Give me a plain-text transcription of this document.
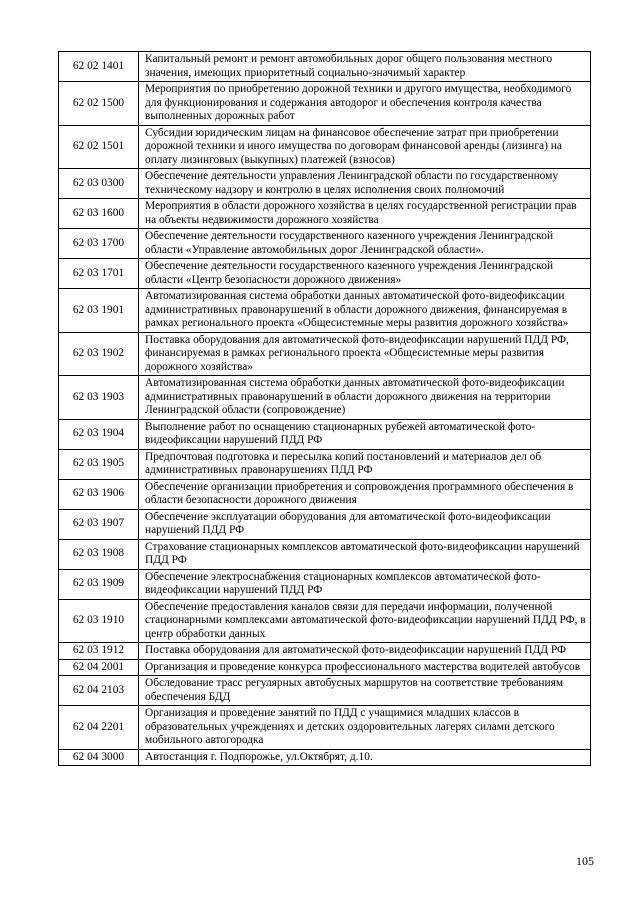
62 02 1401	Капитальный ремонт и ремонт автомобильных дорог общего пользования местного значения, имеющих приоритетный социально-значимый характер
62 02 1500	Мероприятия по приобретению дорожной техники и другого имущества, необходимого для функционирования и содержания автодорог и обеспечения контроля качества выполненных дорожных работ
62 02 1501	Субсидии юридическим лицам на финансовое обеспечение затрат при приобретении дорожной техники и иного имущества по договорам финансовой аренды (лизинга) на оплату лизинговых (выкупных) платежей (взносов)
62 03 0300	Обеспечение деятельности управления Ленинградской области по государственному техническому надзору и контролю в целях исполнения своих полномочий
62 03 1600	Мероприятия в области дорожного хозяйства в целях государственной регистрации прав на объекты недвижимости дорожного хозяйства
62 03 1700	Обеспечение деятельности государственного казенного учреждения Ленинградской области «Управление автомобильных дорог Ленинградской области».
62 03 1701	Обеспечение деятельности государственного казенного учреждения Ленинградской области «Центр безопасности дорожного движения»
62 03 1901	Автоматизированная система обработки данных автоматической фото-видеофиксации административных правонарушений в области дорожного движения, финансируемая в рамках регионального проекта «Общесистемные меры развития дорожного хозяйства»
62 03 1902	Поставка оборудования для автоматической фото-видеофиксации нарушений ПДД РФ, финансируемая в рамках регионального проекта «Общесистемные меры развития дорожного хозяйства»
62 03 1903	Автоматизированная система обработки данных автоматической фото-видеофиксации административных правонарушений в области дорожного движения на территории Ленинградской области (сопровождение)
62 03 1904	Выполнение работ по оснащению стационарных рубежей автоматической фото-видеофиксации нарушений ПДД РФ
62 03 1905	Предпочтовая подготовка и пересылка копий постановлений и материалов дел об административных правонарушениях ПДД РФ
62 03 1906	Обеспечение организации приобретения и сопровождения программного обеспечения в области безопасности дорожного движения
62 03 1907	Обеспечение эксплуатации оборудования для автоматической фото-видеофиксации нарушений ПДД РФ
62 03 1908	Страхование стационарных комплексов автоматической фото-видеофиксации нарушений ПДД РФ
62 03 1909	Обеспечение электроснабжения стационарных комплексов автоматической фото-видеофиксации нарушений ПДД РФ
62 03 1910	Обеспечение предоставления каналов связи для передачи информации, полученной стационарными комплексами автоматической фото-видеофиксации нарушений ПДД РФ, в центр обработки данных
62 03 1912	Поставка оборудования для автоматической фото-видеофиксации нарушений ПДД РФ
62 04 2001	Организация и проведение конкурса профессионального мастерства водителей автобусов
62 04 2103	Обследование трасс регулярных автобусных маршрутов на соответствие требованиям обеспечения БДД
62 04 2201	Организация и проведение занятий по ПДД с учащимися младших классов в образовательных учреждениях и детских оздоровительных лагерях силами детского мобильного автогородка
62 04 3000	Автостанция г. Подпорожье, ул.Октябрят, д.10.
105
